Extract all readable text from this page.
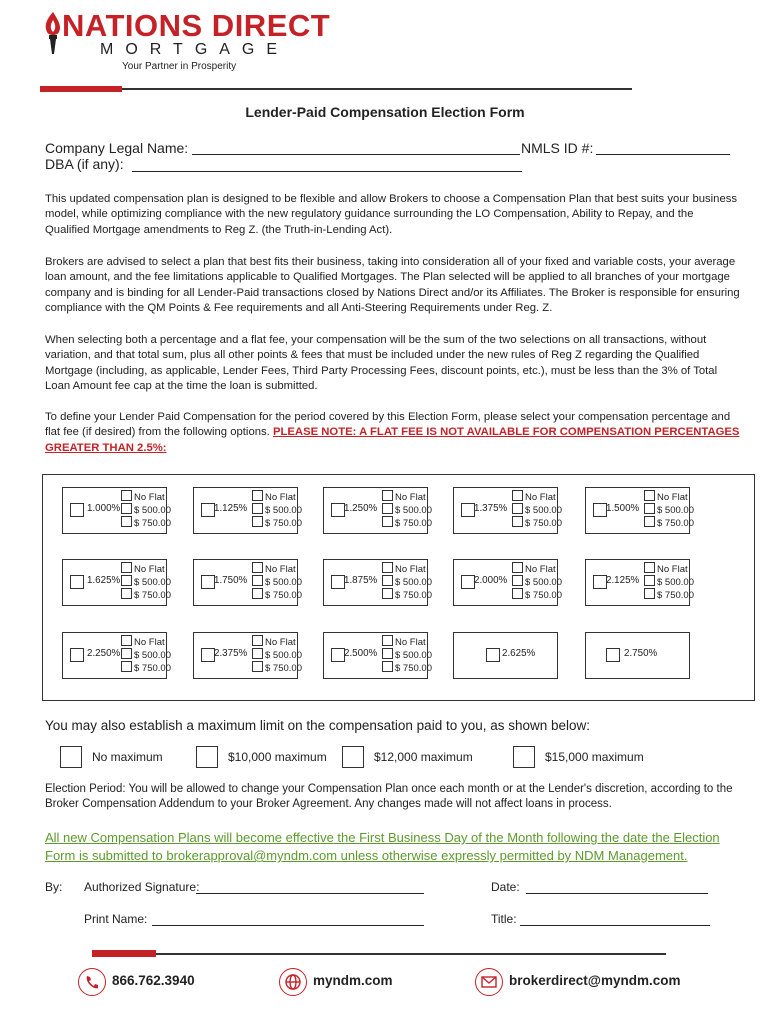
NATIONS DIRECT
MORTGAGE
Your Partner in Prosperity
Lender-Paid Compensation Election Form
Company Legal Name:	NMLS ID #:
DBA (if any):
This updated compensation plan is designed to be flexible and allow Brokers to choose a Compensation Plan that best suits your business model, while optimizing compliance with the new regulatory guidance surrounding the LO Compensation, Ability to Repay, and the Qualified Mortgage amendments to Reg Z. (the Truth-in-Lending Act).
Brokers are advised to select a plan that best fits their business, taking into consideration all of your fixed and variable costs, your average loan amount, and the fee limitations applicable to Qualified Mortgages. The Plan selected will be applied to all branches of your mortgage company and is binding for all Lender-Paid transactions closed by Nations Direct and/or its Affiliates. The Broker is responsible for ensuring compliance with the QM Points & Fee requirements and all Anti-Steering Requirements under Reg. Z.
When selecting both a percentage and a flat fee, your compensation will be the sum of the two selections on all transactions, without variation, and that total sum, plus all other points & fees that must be included under the new rules of Reg Z regarding the Qualified Mortgage (including, as applicable, Lender Fees, Third Party Processing Fees, discount points, etc.), must be less than the 3% of Total Loan Amount fee cap at the time the loan is submitted.
To define your Lender Paid Compensation for the period covered by this Election Form, please select your compensation percentage and flat fee (if desired) from the following options. PLEASE NOTE: A FLAT FEE IS NOT AVAILABLE FOR COMPENSATION PERCENTAGES GREATER THAN 2.5%:
1.000%
No Flat
$ 500.00
$ 750.00
1.125%
No Flat
$ 500.00
$ 750.00
1.250%
No Flat
$ 500.00
$ 750.00
1.375%
No Flat
$ 500.00
$ 750.00
1.500%
No Flat
$ 500.00
$ 750.00
1.625%
No Flat
$ 500.00
$ 750.00
1.750%
No Flat
$ 500.00
$ 750.00
1.875%
No Flat
$ 500.00
$ 750.00
2.000%
No Flat
$ 500.00
$ 750.00
2.125%
No Flat
$ 500.00
$ 750.00
2.250%
No Flat
$ 500.00
$ 750.00
2.375%
No Flat
$ 500.00
$ 750.00
2.500%
No Flat
$ 500.00
$ 750.00
2.625%	2.750%
You may also establish a maximum limit on the compensation paid to you, as shown below:
No maximum	$10,000 maximum	$12,000 maximum	$15,000 maximum
Election Period: You will be allowed to change your Compensation Plan once each month or at the Lender's discretion, according to the Broker Compensation Addendum to your Broker Agreement. Any changes made will not affect loans in process.
All new Compensation Plans will become effective the First Business Day of the Month following the date the Election Form is submitted to brokerapproval@myndm.com unless otherwise expressly permitted by NDM Management.
By: Authorized Signature:	Date:
Print Name:	Title:
866.762.3940	myndm.com	brokerdirect@myndm.com
